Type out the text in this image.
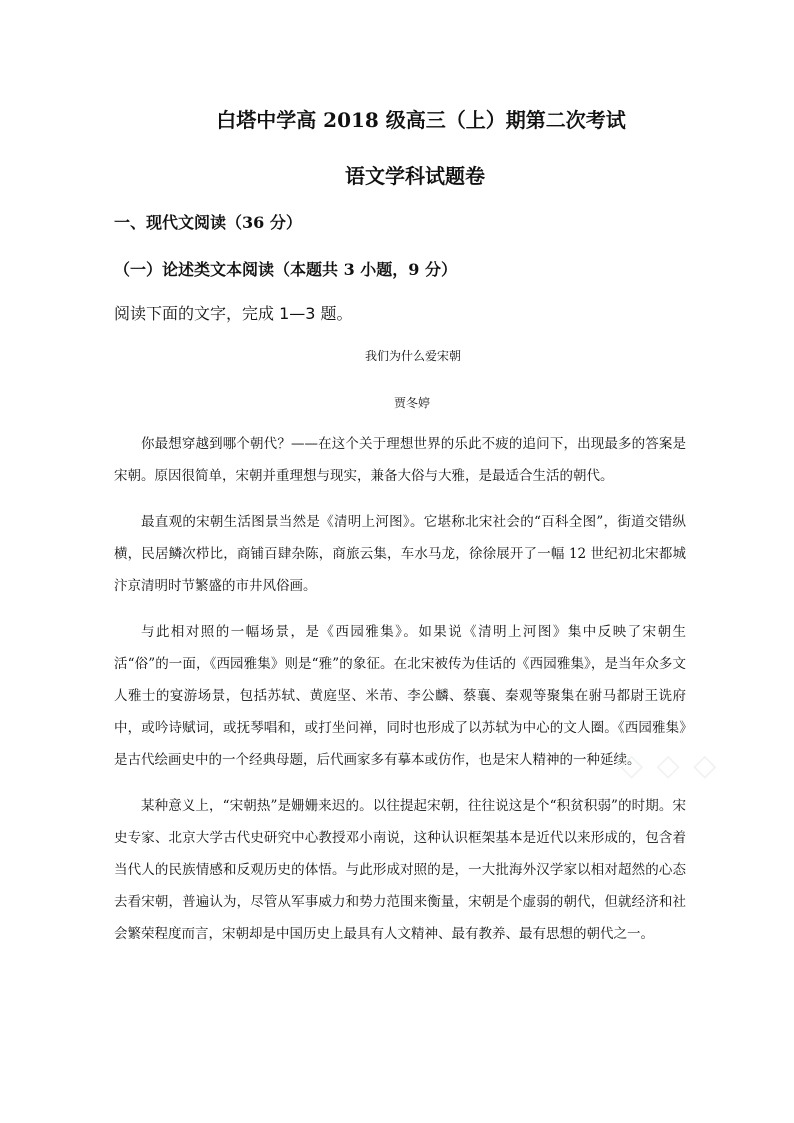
白塔中学高 2018 级高三（上）期第二次考试
语文学科试题卷
一、现代文阅读（36 分）
（一）论述类文本阅读（本题共 3 小题，9 分）
阅读下面的文字，完成 1—3 题。
我们为什么爱宋朝
贾冬婷

你最想穿越到哪个朝代？——在这个关于理想世界的乐此不疲的追问下，出现最多的答案是宋朝。原因很简单，宋朝并重理想与现实，兼备大俗与大雅，是最适合生活的朝代。

最直观的宋朝生活图景当然是《清明上河图》。它堪称北宋社会的“百科全图”，街道交错纵横，民居鳞次栉比，商铺百肆杂陈，商旅云集，车水马龙，徐徐展开了一幅 12 世纪初北宋都城汴京清明时节繁盛的市井风俗画。

与此相对照的一幅场景，是《西园雅集》。如果说《清明上河图》集中反映了宋朝生活“俗”的一面，《西园雅集》则是“雅”的象征。在北宋被传为佳话的《西园雅集》，是当年众多文人雅士的宴游场景，包括苏轼、黄庭坚、米芾、李公麟、蔡襄、秦观等聚集在驸马都尉王诜府中，或吟诗赋词，或抚琴唱和，或打坐问禅，同时也形成了以苏轼为中心的文人圈。《西园雅集》是古代绘画史中的一个经典母题，后代画家多有摹本或仿作，也是宋人精神的一种延续。

某种意义上，“宋朝热”是姗姗来迟的。以往提起宋朝，往往说这是个“积贫积弱”的时期。宋史专家、北京大学古代史研究中心教授邓小南说，这种认识框架基本是近代以来形成的，包含着当代人的民族情感和反观历史的体悟。与此形成对照的是，一大批海外汉学家以相对超然的心态去看宋朝，普遍认为，尽管从军事威力和势力范围来衡量，宋朝是个虚弱的朝代，但就经济和社会繁荣程度而言，宋朝却是中国历史上最具有人文精神、最有教养、最有思想的朝代之一。

◇ ◇ ◇
